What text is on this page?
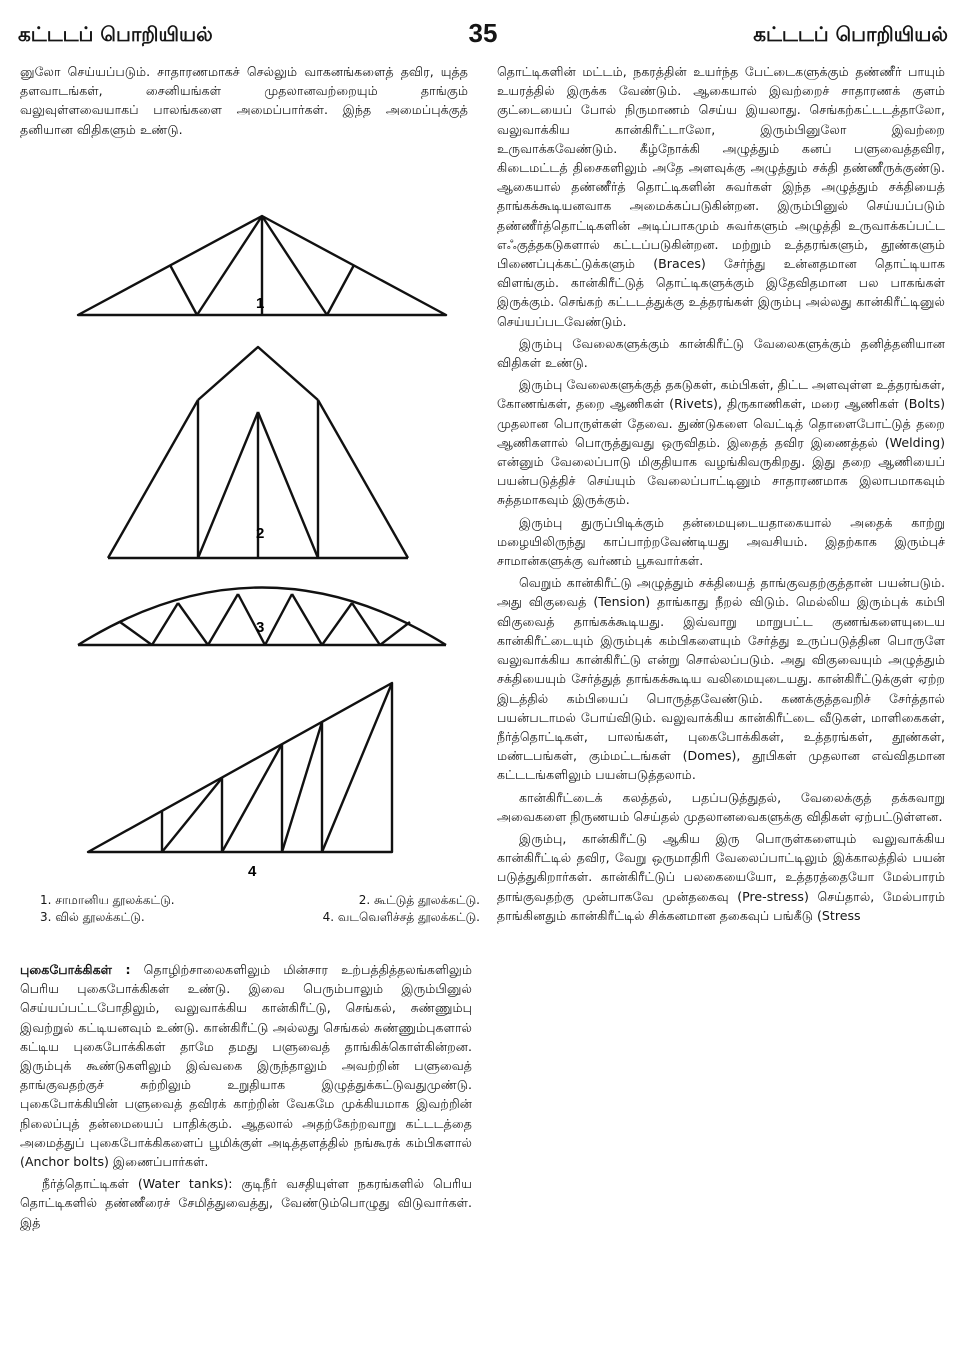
கட்டடப் பொறியியல்	35	கட்டடப் பொறியியல்

னுலோ செய்யப்படும். சாதாரணமாகச் செல்லும் வாகனங்களைத் தவிர, யுத்த தளவாடங்கள், சைனியங்கள் முதலானவற்றையும் தாங்கும் வலுவுள்ளவையாகப் பாலங்களை அமைப்பார்கள். இந்த அமைப்புக்குத் தனியான விதிகளும் உண்டு.

1
2
3
4
1. சாமானிய தூலக்கட்டு.	2. கூட்டுத் தூலக்கட்டு.
3. வில் தூலக்கட்டு.	4. வடவெளிச்சத் தூலக்கட்டு.

புகைபோக்கிகள் : தொழிற்சாலைகளிலும் மின்சார உற்பத்தித்தலங்களிலும் பெரிய புகைபோக்கிகள் உண்டு. இவை பெரும்பாலும் இரும்பினுல் செய்யப்பட்டபோதிலும், வலுவாக்கிய கான்கிரீட்டு, செங்கல், சுண்ணும்பு இவற்றுல் கட்டியனவும் உண்டு. கான்கிரீட்டு அல்லது செங்கல் சுண்ணும்புகளால் கட்டிய புகைபோக்கிகள் தாமே தமது பளுவைத் தாங்கிக்கொள்கின்றன. இரும்புக் கூண்டுகளிலும் இவ்வகை இருந்தாலும் அவற்றின் பளுவைத் தாங்குவதற்குச் சுற்றிலும் உறுதியாக இழுத்துக்கட்டுவதுமுண்டு. புகைபோக்கியின் பளுவைத் தவிரக் காற்றின் வேகமே முக்கியமாக இவற்றின் நிலைப்புத் தன்மையைப் பாதிக்கும். ஆதலால் அதற்கேற்றவாறு கட்டடத்தை அமைத்துப் புகைபோக்கிகளைப் பூமிக்குள் அடித்தளத்தில் நங்கூரக் கம்பிகளால் (Anchor bolts) இணைப்பார்கள்.

நீர்த்தொட்டிகள் (Water tanks): குடிநீர் வசதியுள்ள நகரங்களில் பெரிய தொட்டிகளில் தண்ணீரைச் சேமித்துவைத்து, வேண்டும்பொழுது விடுவார்கள். இத்

தொட்டிகளின் மட்டம், நகரத்தின் உயர்ந்த பேட்டைகளுக்கும் தண்ணீர் பாயும் உயரத்தில் இருக்க வேண்டும். ஆகையால் இவற்றைச் சாதாரணக் குளம் குட்டையைப் போல் நிருமாணம் செய்ய இயலாது. செங்கற்கட்டடத்தாலோ, வலுவாக்கிய கான்கிரீட்டாலோ, இரும்பினுலோ இவற்றை உருவாக்கவேண்டும். கீழ்நோக்கி அழுத்தும் கனப் பளுவைத்தவிர, கிடைமட்டத் திசைகளிலும் அதே அளவுக்கு அழுத்தும் சக்தி தண்ணீருக்குண்டு. ஆகையால் தண்ணீர்த் தொட்டிகளின் சுவர்கள் இந்த அழுத்தும் சக்தியைத் தாங்கக்கூடியனவாக அமைக்கப்படுகின்றன. இரும்பினுல் செய்யப்படும் தண்ணீர்த்தொட்டிகளின் அடிப்பாகமும் சுவர்களும் அழுத்தி உருவாக்கப்பட்ட எஃகுத்தகடுகளால் கட்டப்படுகின்றன. மற்றும் உத்தரங்களும், தூண்களும் பிணைப்புக்கட்டுக்களும் (Braces) சேர்ந்து உன்னதமான தொட்டியாக விளங்கும். கான்கிரீட்டுத் தொட்டிகளுக்கும் இதேவிதமான பல பாகங்கள் இருக்கும். செங்கற் கட்டடத்துக்கு உத்தரங்கள் இரும்பு அல்லது கான்கிரீட்டினுல் செய்யப்படவேண்டும்.

இரும்பு வேலைகளுக்கும் கான்கிரீட்டு வேலைகளுக்கும் தனித்தனியான விதிகள் உண்டு.

இரும்பு வேலைகளுக்குத் தகடுகள், கம்பிகள், திட்ட அளவுள்ள உத்தரங்கள், கோணங்கள், தறை ஆணிகள் (Rivets), திருகாணிகள், மரை ஆணிகள் (Bolts) முதலான பொருள்கள் தேவை. துண்டுகளை வெட்டித் தொளைபோட்டுத் தறை ஆணிகளால் பொருத்துவது ஒருவிதம். இதைத் தவிர இணைத்தல் (Welding) என்னும் வேலைப்பாடு மிகுதியாக வழங்கிவருகிறது. இது தறை ஆணியைப் பயன்படுத்திச் செய்யும் வேலைப்பாட்டினும் சாதாரணமாக இலாபமாகவும் சுத்தமாகவும் இருக்கும்.

இரும்பு துருப்பிடிக்கும் தன்மையுடையதாகையால் அதைக் காற்று மழையிலிருந்து காப்பாற்றவேண்டியது அவசியம். இதற்காக இரும்புச் சாமான்களுக்கு வர்ணம் பூசுவார்கள்.

வெறும் கான்கிரீட்டு அழுத்தும் சக்தியைத் தாங்குவதற்குத்தான் பயன்படும். அது விகுவைத் (Tension) தாங்காது நீறல் விடும். மெல்லிய இரும்புக் கம்பி விகுவைத் தாங்கக்கூடியது. இவ்வாறு மாறுபட்ட குணங்களையுடைய கான்கிரீட்டையும் இரும்புக் கம்பிகளையும் சேர்த்து உருப்படுத்தின பொருளே வலுவாக்கிய கான்கிரீட்டு என்று சொல்லப்படும். அது விகுவையும் அழுத்தும் சக்தியையும் சேர்த்துத் தாங்கக்கூடிய வலிமையுடையது. கான்கிரீட்டுக்குள் ஏற்ற இடத்தில் கம்பியைப் பொருத்தவேண்டும். கணக்குத்தவறிச் சேர்த்தால் பயன்படாமல் போய்விடும். வலுவாக்கிய கான்கிரீட்டை வீடுகள், மாளிகைகள், நீர்த்தொட்டிகள், பாலங்கள், புகைபோக்கிகள், உத்தரங்கள், தூண்கள், மண்டபங்கள், கும்மட்டங்கள் (Domes), தூபிகள் முதலான எவ்விதமான கட்டடங்களிலும் பயன்படுத்தலாம்.

கான்கிரீட்டைக் கலத்தல், பதப்படுத்துதல், வேலைக்குத் தக்கவாறு அவைகளை நிருணயம் செய்தல் முதலானவைகளுக்கு விதிகள் ஏற்பட்டுள்ளன.

இரும்பு, கான்கிரீட்டு ஆகிய இரு பொருள்களையும் வலுவாக்கிய கான்கிரீட்டில் தவிர, வேறு ஒருமாதிரி வேலைப்பாட்டிலும் இக்காலத்தில் பயன் படுத்துகிறார்கள். கான்கிரீட்டுப் பலகையையோ, உத்தரத்தையோ மேல்பாரம் தாங்குவதற்கு முன்பாகவே முன்தகைவு (Pre-stress) செய்தால், மேல்பாரம் தாங்கினதும் கான்கிரீட்டில் சிக்கனமான தகைவுப் பங்கீடு (Stress
